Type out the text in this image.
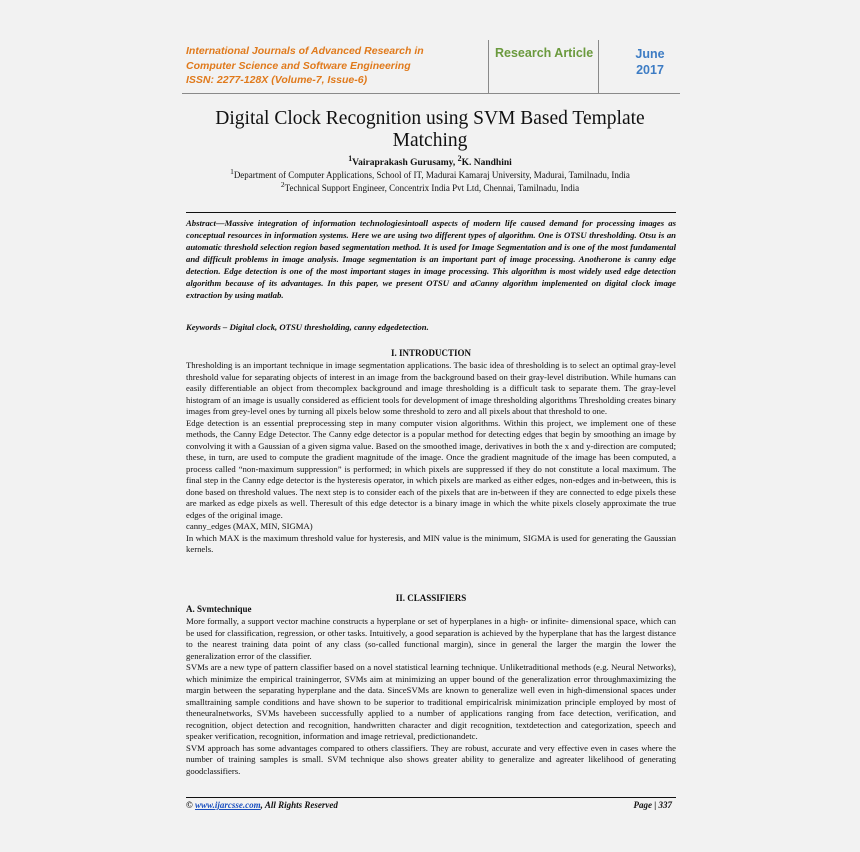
International Journals of Advanced Research in
Computer Science and Software Engineering
ISSN: 2277-128X (Volume-7, Issue-6)
Research Article	June
2017
Digital Clock Recognition using SVM Based Template Matching
$^1$Vairaprakash Gurusamy, $^2$K. Nandhini
$^1$Department of Computer Applications, School of IT, Madurai Kamaraj University, Madurai, Tamilnadu, India
$^2$Technical Support Engineer, Concentrix India Pvt Ltd, Chennai, Tamilnadu, India
Abstract—Massive integration of information technologiesintoall aspects of modern life caused demand for processing images as conceptual resources in information systems. Here we are using two different types of algorithm. One is OTSU thresholding. Otsu is an automatic threshold selection region based segmentation method. It is used for Image Segmentation and is one of the most fundamental and difficult problems in image analysis. Image segmentation is an important part of image processing. Anotherone is canny edge detection. Edge detection is one of the most important stages in image processing. This algorithm is most widely used edge detection algorithm because of its advantages. In this paper, we present OTSU and aCanny algorithm implemented on digital clock image extraction by using matlab.
Keywords – Digital clock, OTSU thresholding, canny edgedetection.
I. INTRODUCTION

Thresholding is an important technique in image segmentation applications. The basic idea of thresholding is to select an optimal gray-level threshold value for separating objects of interest in an image from the background based on their gray-level distribution. While humans can easily differentiable an object from thecomplex background and image thresholding is a difficult task to separate them. The gray-level histogram of an image is usually considered as efficient tools for development of image thresholding algorithms Thresholding creates binary images from grey-level ones by turning all pixels below some threshold to zero and all pixels about that threshold to one.

Edge detection is an essential preprocessing step in many computer vision algorithms. Within this project, we implement one of these methods, the Canny Edge Detector. The Canny edge detector is a popular method for detecting edges that begin by smoothing an image by convolving it with a Gaussian of a given sigma value. Based on the smoothed image, derivatives in both the x and y-direction are computed; these, in turn, are used to compute the gradient magnitude of the image. Once the gradient magnitude of the image has been computed, a process called “non-maximum suppression” is performed; in which pixels are suppressed if they do not constitute a local maximum. The final step in the Canny edge detector is the hysteresis operator, in which pixels are marked as either edges, non-edges and in-between, this is done based on threshold values. The next step is to consider each of the pixels that are in-between if they are connected to edge pixels these are marked as edge pixels as well. Theresult of this edge detector is a binary image in which the white pixels closely approximate the true edges of the original image.

canny_edges (MAX, MIN, SIGMA)

In which MAX is the maximum threshold value for hysteresis, and MIN value is the minimum, SIGMA is used for generating the Gaussian kernels.

II. CLASSIFIERS
A. Svmtechnique

More formally, a support vector machine constructs a hyperplane or set of hyperplanes in a high- or infinite- dimensional space, which can be used for classification, regression, or other tasks. Intuitively, a good separation is achieved by the hyperplane that has the largest distance to the nearest training data point of any class (so-called functional margin), since in general the larger the margin the lower the generalization error of the classifier.

SVMs are a new type of pattern classifier based on a novel statistical learning technique. Unliketraditional methods (e.g. Neural Networks), which minimize the empirical trainingerror, SVMs aim at minimizing an upper bound of the generalization error throughmaximizing the margin between the separating hyperplane and the data. SinceSVMs are known to generalize well even in high-dimensional spaces under smalltraining sample conditions and have shown to be superior to traditional empiricalrisk minimization principle employed by most of theneuralnetworks, SVMs havebeen successfully applied to a number of applications ranging from face detection, verification, and recognition, object detection and recognition, handwritten character and digit recognition, textdetection and categorization, speech and speaker verification, recognition, information and image retrieval, predictionandetc.

SVM approach has some advantages compared to others classifiers. They are robust, accurate and very effective even in cases where the number of training samples is small. SVM technique also shows greater ability to generalize and agreater likelihood of generating goodclassifiers.

© www.ijarcsse.com, All Rights Reserved	Page | 337
